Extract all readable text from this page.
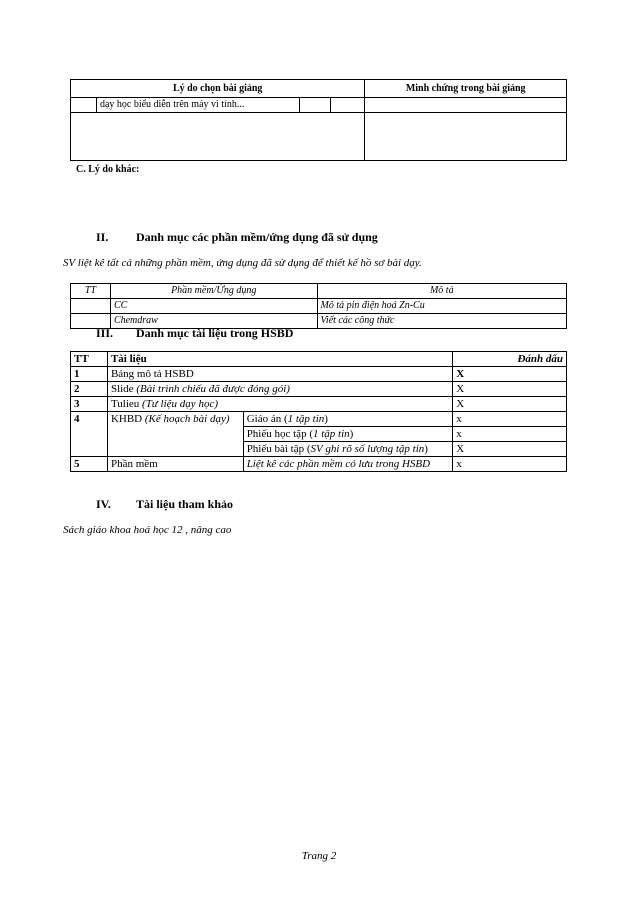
Lý do chọn bài giảng				Minh chứng trong bài giảng
	dạy học biểu diễn trên máy vi tính...			

C. Lý do khác:
II. Danh mục các phần mềm/ứng dụng đã sử dụng
SV liệt kê tất cả những phần mềm, ứng dụng đã sử dụng để thiết kế hồ sơ bài dạy.
TT	Phần mềm/Ứng dụng	Mô tả
	CC	Mô tả pin điện hoá Zn-Cu
	Chemdraw	Viết các công thức
III. Danh mục tài liệu trong HSBD
TT	Tài liệu		Đánh dấu
1	Bảng mô tả HSBD		X
2	Slide (Bài trình chiếu đã được đóng gói)		X
3	Tulieu (Tư liệu dạy học)		X
4	KHBD (Kế hoạch bài dạy)	Giáo án (1 tập tin)	x
		Phiếu học tập (1 tập tin)	x
		Phiếu bài tập (SV ghi rõ số lượng tập tin)	X
5	Phần mềm	Liệt kê các phần mềm có lưu trong HSBD	x
IV. Tài liệu tham khảo
Sách giáo khoa hoá học 12 , nâng cao
Trang 2
